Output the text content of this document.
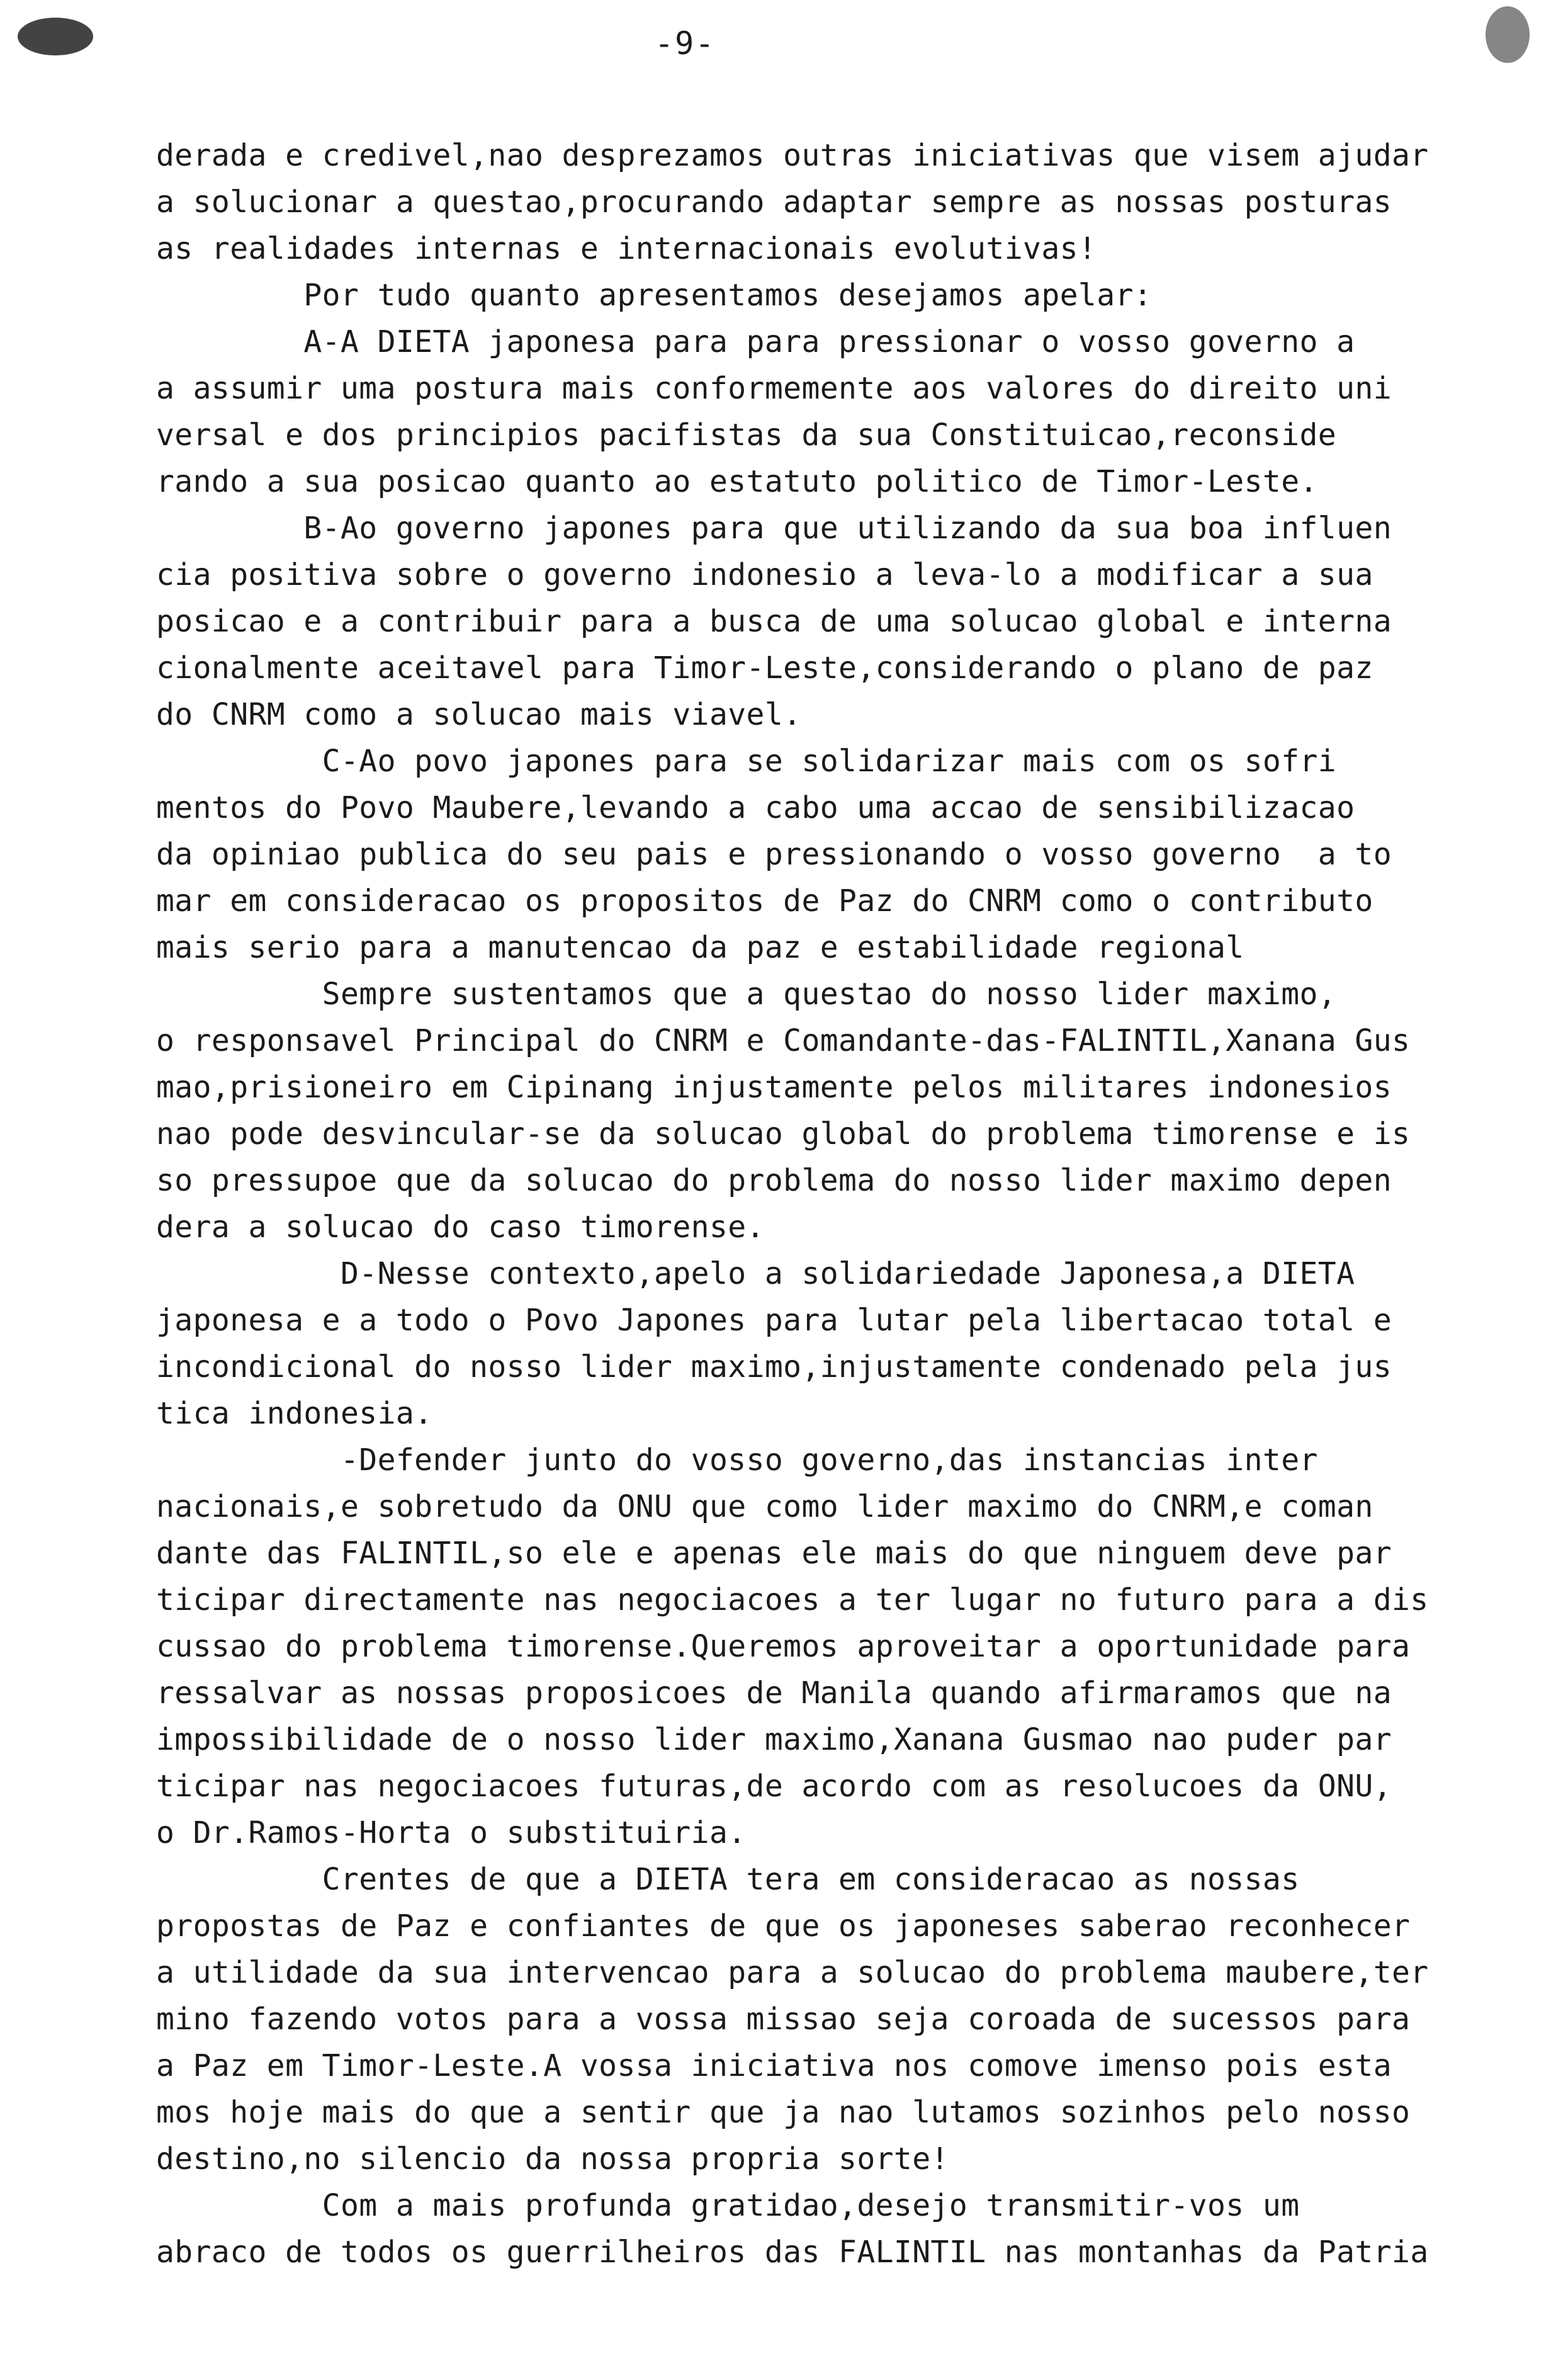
-9-
derada e credivel,nao desprezamos outras iniciativas que visem ajudar
a solucionar a questao,procurando adaptar sempre as nossas posturas
as realidades internas e internacionais evolutivas!
Por tudo quanto apresentamos desejamos apelar:
A-A DIETA japonesa para para pressionar o vosso governo a
a assumir uma postura mais conformemente aos valores do direito uni
versal e dos principios pacifistas da sua Constituicao,reconside
rando a sua posicao quanto ao estatuto politico de Timor-Leste.
B-Ao governo japones para que utilizando da sua boa influen
cia positiva sobre o governo indonesio a leva-lo a modificar a sua
posicao e a contribuir para a busca de uma solucao global e interna
cionalmente aceitavel para Timor-Leste,considerando o plano de paz
do CNRM como a solucao mais viavel.
C-Ao povo japones para se solidarizar mais com os sofri
mentos do Povo Maubere,levando a cabo uma accao de sensibilizacao
da opiniao publica do seu pais e pressionando o vosso governo  a to
mar em consideracao os propositos de Paz do CNRM como o contributo
mais serio para a manutencao da paz e estabilidade regional
Sempre sustentamos que a questao do nosso lider maximo,
o responsavel Principal do CNRM e Comandante-das-FALINTIL,Xanana Gus
mao,prisioneiro em Cipinang injustamente pelos militares indonesios
nao pode desvincular-se da solucao global do problema timorense e is
so pressupoe que da solucao do problema do nosso lider maximo depen
dera a solucao do caso timorense.
D-Nesse contexto,apelo a solidariedade Japonesa,a DIETA
japonesa e a todo o Povo Japones para lutar pela libertacao total e
incondicional do nosso lider maximo,injustamente condenado pela jus
tica indonesia.
-Defender junto do vosso governo,das instancias inter
nacionais,e sobretudo da ONU que como lider maximo do CNRM,e coman
dante das FALINTIL,so ele e apenas ele mais do que ninguem deve par
ticipar directamente nas negociacoes a ter lugar no futuro para a dis
cussao do problema timorense.Queremos aproveitar a oportunidade para
ressalvar as nossas proposicoes de Manila quando afirmaramos que na
impossibilidade de o nosso lider maximo,Xanana Gusmao nao puder par
ticipar nas negociacoes futuras,de acordo com as resolucoes da ONU,
o Dr.Ramos-Horta o substituiria.
Crentes de que a DIETA tera em consideracao as nossas
propostas de Paz e confiantes de que os japoneses saberao reconhecer
a utilidade da sua intervencao para a solucao do problema maubere,ter
mino fazendo votos para a vossa missao seja coroada de sucessos para
a Paz em Timor-Leste.A vossa iniciativa nos comove imenso pois esta
mos hoje mais do que a sentir que ja nao lutamos sozinhos pelo nosso
destino,no silencio da nossa propria sorte!
Com a mais profunda gratidao,desejo transmitir-vos um
abraco de todos os guerrilheiros das FALINTIL nas montanhas da Patria
